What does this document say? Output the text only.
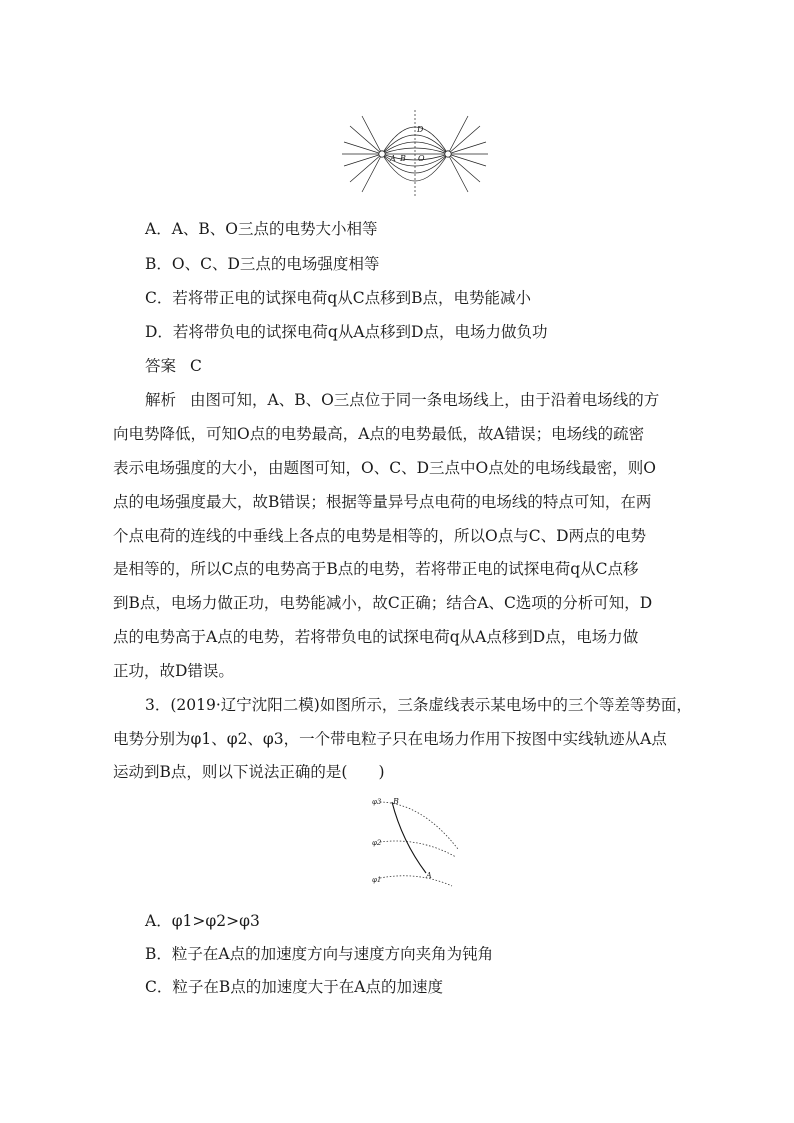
D
A B O
A．A、B、O三点的电势大小相等
B．O、C、D三点的电场强度相等
C．若将带正电的试探电荷q从C点移到B点，电势能减小
D．若将带负电的试探电荷q从A点移到D点，电场力做负功
答案 C
解析 由图可知，A、B、O三点位于同一条电场线上，由于沿着电场线的方
向电势降低，可知O点的电势最高，A点的电势最低，故A错误；电场线的疏密
表示电场强度的大小，由题图可知，O、C、D三点中O点处的电场线最密，则O
点的电场强度最大，故B错误；根据等量异号点电荷的电场线的特点可知，在两
个点电荷的连线的中垂线上各点的电势是相等的，所以O点与C、D两点的电势
是相等的，所以C点的电势高于B点的电势，若将带正电的试探电荷q从C点移
到B点，电场力做正功，电势能减小，故C正确；结合A、C选项的分析可知，D
点的电势高于A点的电势，若将带负电的试探电荷q从A点移到D点，电场力做
正功，故D错误。
3．(2019·辽宁沈阳二模)如图所示，三条虚线表示某电场中的三个等差等势面，
电势分别为φ1、φ2、φ3，一个带电粒子只在电场力作用下按图中实线轨迹从A点
运动到B点，则以下说法正确的是(　　)
φ3 B
φ2
φ1	A
A．φ1>φ2>φ3
B．粒子在A点的加速度方向与速度方向夹角为钝角
C．粒子在B点的加速度大于在A点的加速度
